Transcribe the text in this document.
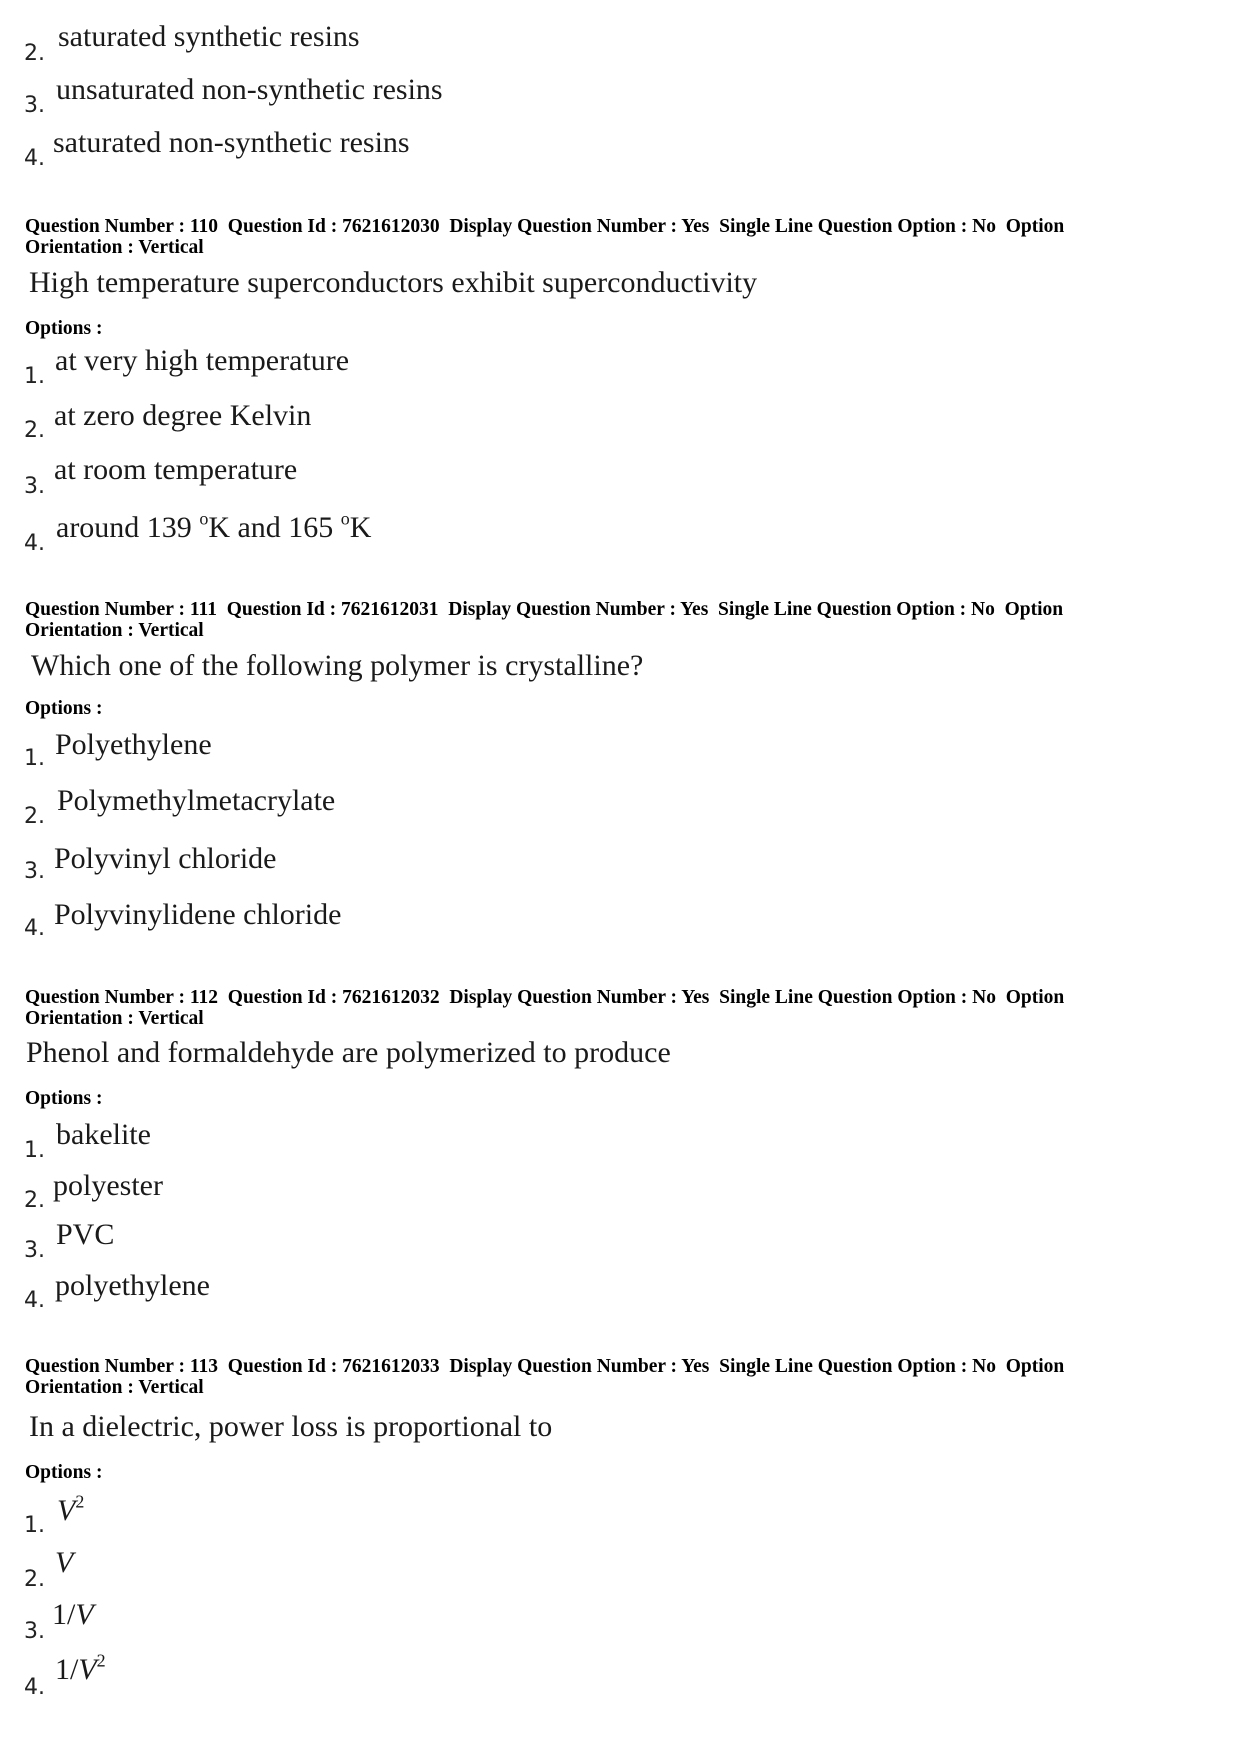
2.
saturated synthetic resins
3. unsaturated non-synthetic resins
4. saturated non-synthetic resins
Question Number : 110  Question Id : 7621612030  Display Question Number : Yes  Single Line Question Option : No  Option
Orientation : Vertical
High temperature superconductors exhibit superconductivity
Options :
1. at very high temperature
2. at zero degree Kelvin
3.
at room temperature
4. around 139 $^o$K and 165 $^o$K
Question Number : 111  Question Id : 7621612031  Display Question Number : Yes  Single Line Question Option : No  Option
Orientation : Vertical
Which one of the following polymer is crystalline?
Options :
1. Polyethylene
2. Polymethylmetacrylate
3. Polyvinyl chloride
4. Polyvinylidene chloride
Question Number : 112  Question Id : 7621612032  Display Question Number : Yes  Single Line Question Option : No  Option
Orientation : Vertical
Phenol and formaldehyde are polymerized to produce
Options :
1. bakelite
2. polyester
3. PVC
4. polyethylene
Question Number : 113  Question Id : 7621612033  Display Question Number : Yes  Single Line Question Option : No  Option
Orientation : Vertical
In a dielectric, power loss is proportional to
Options :
1. $V^2$
2.
V
3.
1/V
4.
$1/V^2$
